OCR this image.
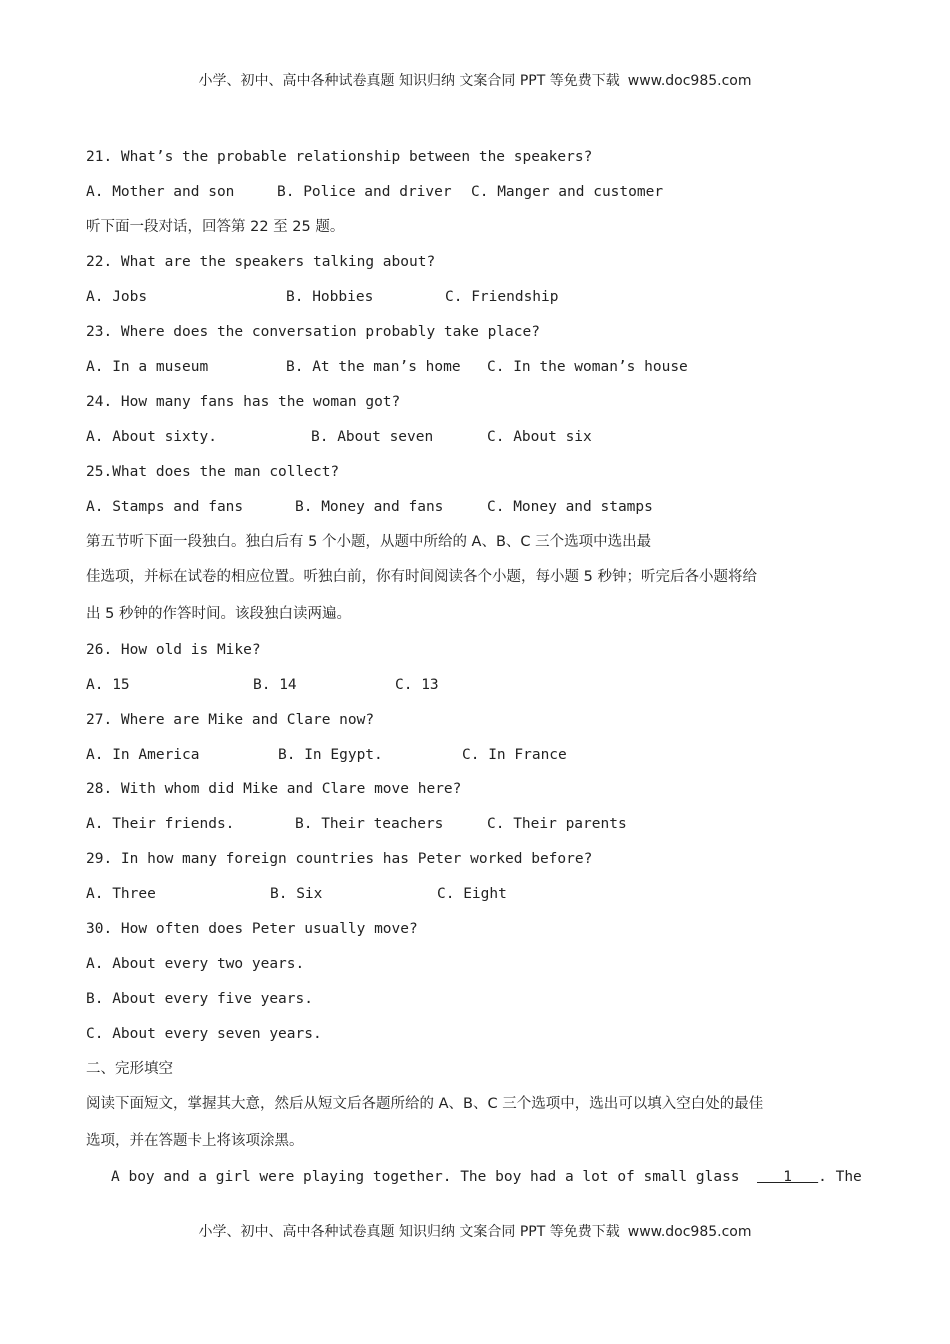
小学、初中、高中各种试卷真题 知识归纳 文案合同 PPT 等免费下载 www.doc985.com
21. What’s the probable relationship between the speakers?

A. Mother and son

	B. Police and driver

C. Manger and customer

听下面一段对话，回答第 22 至 25 题。
22. What are the speakers talking about?

A. Jobs

	B. Hobbies

	C. Friendship

23. Where does the conversation probably take place?

A. In a museum

	B. At the man’s home

C. In the woman’s house

24. How many fans has the woman got?

A. About sixty.

	B. About seven

	C. About six

25.What does the man collect?

A. Stamps and fans

	B. Money and fans

	C. Money and stamps

第五节听下面一段独白。独白后有 5 个小题，从题中所给的 A、B、C 三个选项中选出最
佳选项，并标在试卷的相应位置。听独白前，你有时间阅读各个小题，每小题 5 秒钟；听完后各小题将给
出 5 秒钟的作答时间。该段独白读两遍。
26. How old is Mike?

A. 15

	B. 14

	C. 13

27. Where are Mike and Clare now?

A. In America

	B. In Egypt.

	C. In France

28. With whom did Mike and Clare move here?

A. Their friends.

	B. Their teachers

	C. Their parents

29. In how many foreign countries has Peter worked before?

A. Three

	B. Six

	C. Eight

30. How often does Peter usually move?
A. About every two years.
B. About every five years.
C. About every seven years.
二、完形填空
阅读下面短文，掌握其大意，然后从短文后各题所给的 A、B、C 三个选项中，选出可以填入空白处的最佳
选项，并在答题卡上将该项涂黑。
A boy and a girl were playing together. The boy had a lot of small glass     1   . The
小学、初中、高中各种试卷真题 知识归纳 文案合同 PPT 等免费下载 www.doc985.com
